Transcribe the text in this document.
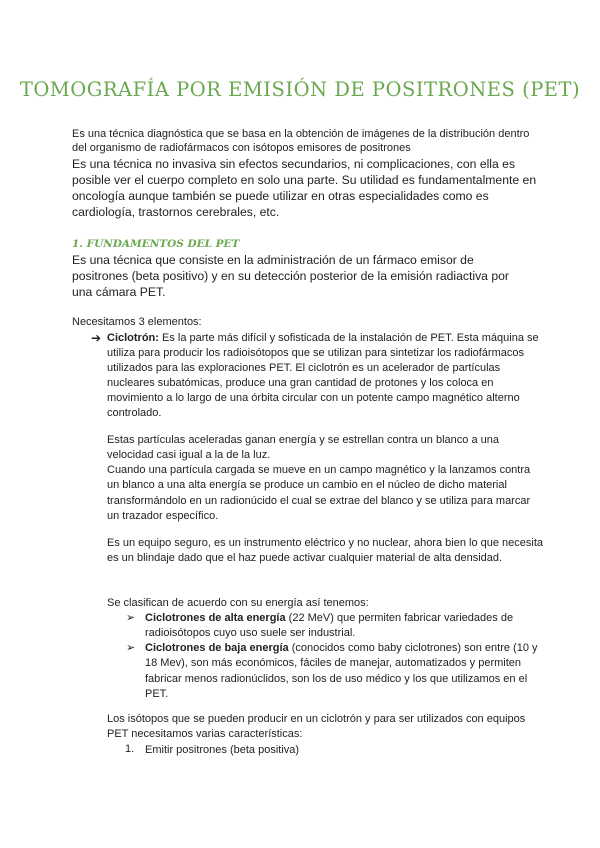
TOMOGRAFÍA POR EMISIÓN DE POSITRONES (PET)

Es una técnica diagnóstica que se basa en la obtención de imágenes de la distribución dentro del organismo de radiofármacos con isótopos emisores de positrones

Es una técnica no invasiva sin efectos secundarios, ni complicaciones, con ella es posible ver el cuerpo completo en solo una parte. Su utilidad es fundamentalmente en oncología aunque también se puede utilizar en otras especialidades como es cardiología, trastornos cerebrales, etc.

1. FUNDAMENTOS DEL PET

Es una técnica que consiste en la administración de un fármaco emisor de positrones (beta positivo) y en su detección posterior de la emisión radiactiva por una cámara PET.

Necesitamos 3 elementos:

➔ Ciclotrón: Es la parte más difícil y sofisticada de la instalación de PET. Esta máquina se utiliza para producir los radioisótopos que se utilizan para sintetizar los radiofármacos utilizados para las exploraciones PET. El ciclotrón es un acelerador de partículas nucleares subatómicas, produce una gran cantidad de protones y los coloca en movimiento a lo largo de una órbita circular con un potente campo magnético alterno controlado.

Estas partículas aceleradas ganan energía y se estrellan contra un blanco a una velocidad casi igual a la de la luz.

Cuando una partícula cargada se mueve en un campo magnético y la lanzamos contra un blanco a una alta energía se produce un cambio en el núcleo de dicho material transformándolo en un radionúcido el cual se extrae del blanco y se utiliza para marcar un trazador específico.

Es un equipo seguro, es un instrumento eléctrico y no nuclear, ahora bien lo que necesita es un blindaje dado que el haz puede activar cualquier material de alta densidad.

Se clasifican de acuerdo con su energía así tenemos:

➢ Ciclotrones de alta energía (22 MeV) que permiten fabricar variedades de radioisótopos cuyo uso suele ser industrial.

➢ Ciclotrones de baja energía (conocidos como baby ciclotrones) son entre (10 y 18 Mev), son más económicos, fáciles de manejar, automatizados y permiten fabricar menos radionúclidos, son los de uso médico y los que utilizamos en el PET.

Los isótopos que se pueden producir en un ciclotrón y para ser utilizados con equipos PET necesitamos varias características:

1. Emitir positrones (beta positiva)
